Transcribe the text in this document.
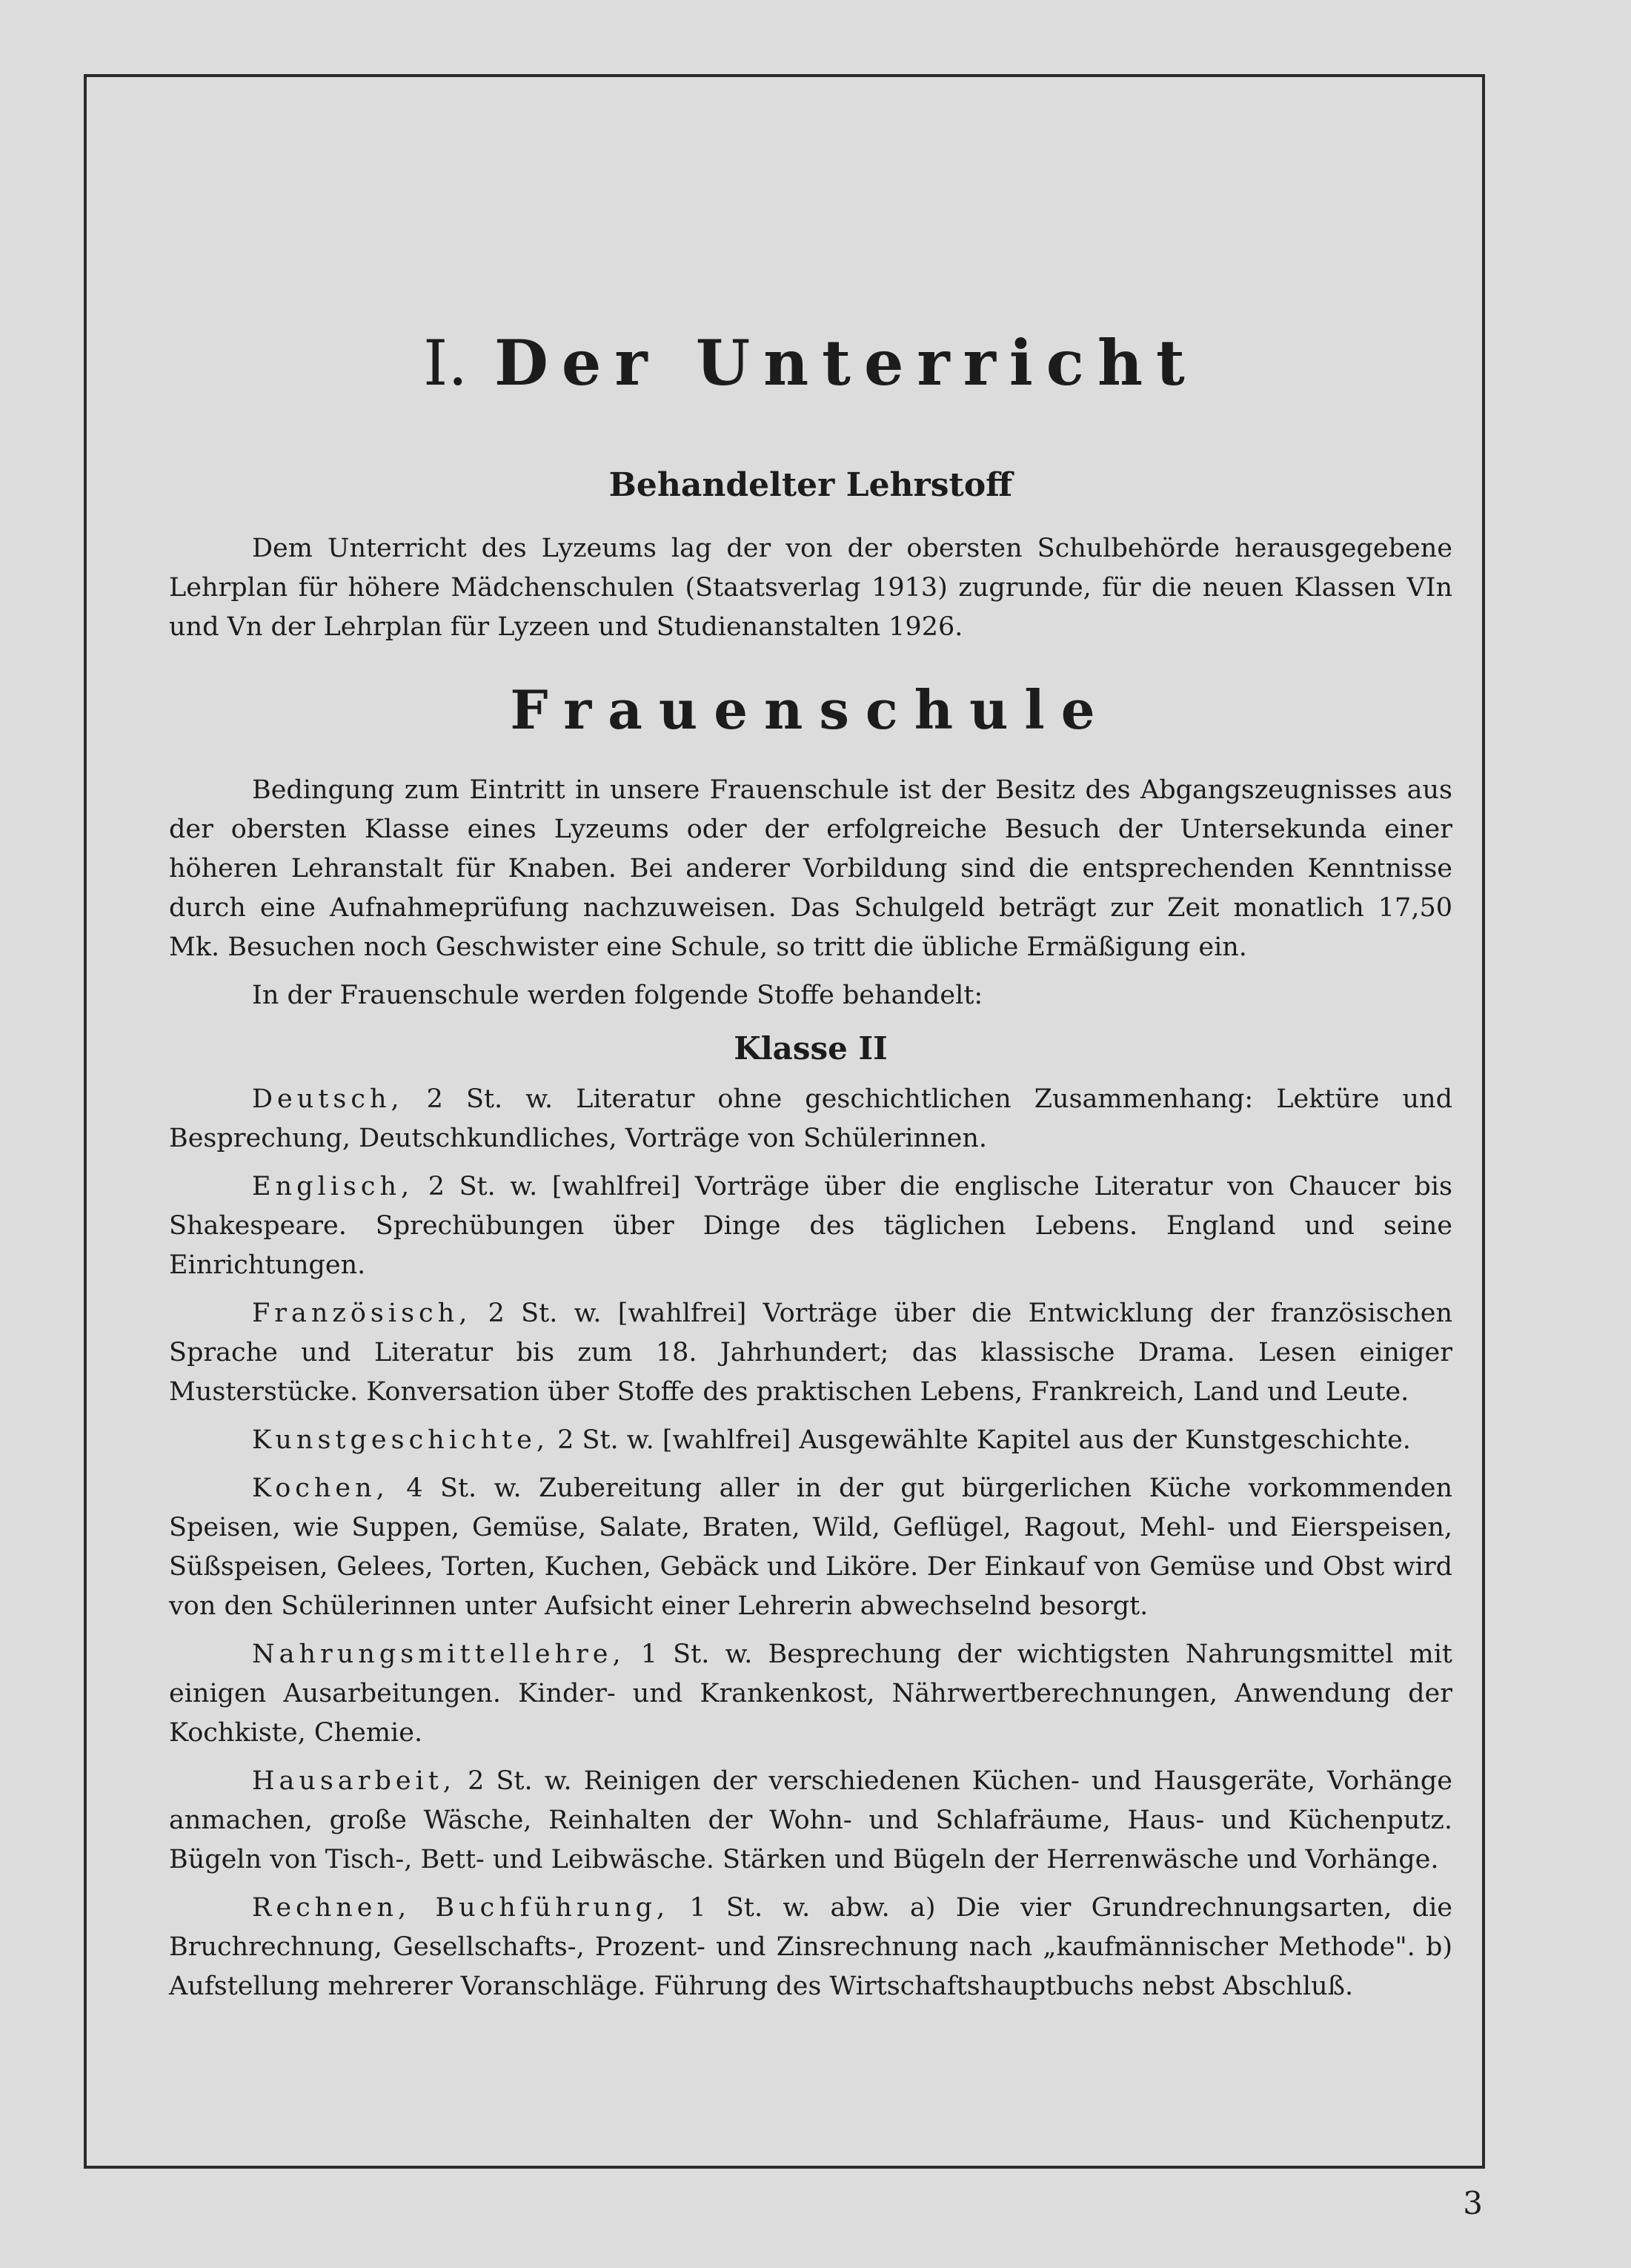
I. Der Unterricht
Behandelter Lehrstoff

Dem Unterricht des Lyzeums lag der von der obersten Schulbehörde herausgegebene Lehrplan für höhere Mädchenschulen (Staatsverlag 1913) zugrunde, für die neuen Klassen VIn und Vn der Lehrplan für Lyzeen und Studienanstalten 1926.

Frauenschule

Bedingung zum Eintritt in unsere Frauenschule ist der Besitz des Abgangszeugnisses aus der obersten Klasse eines Lyzeums oder der erfolgreiche Besuch der Untersekunda einer höheren Lehranstalt für Knaben. Bei anderer Vorbildung sind die entsprechenden Kenntnisse durch eine Aufnahmeprüfung nachzuweisen. Das Schulgeld beträgt zur Zeit monatlich 17,50 Mk. Besuchen noch Geschwister eine Schule, so tritt die übliche Ermäßigung ein.

In der Frauenschule werden folgende Stoffe behandelt:

Klasse II

Deutsch, 2 St. w. Literatur ohne geschichtlichen Zusammenhang: Lektüre und Besprechung, Deutschkundliches, Vorträge von Schülerinnen.

Englisch, 2 St. w. [wahlfrei] Vorträge über die englische Literatur von Chaucer bis Shakespeare. Sprechübungen über Dinge des täglichen Lebens. England und seine Einrichtungen.

Französisch, 2 St. w. [wahlfrei] Vorträge über die Entwicklung der französischen Sprache und Literatur bis zum 18. Jahrhundert; das klassische Drama. Lesen einiger Musterstücke. Konversation über Stoffe des praktischen Lebens, Frankreich, Land und Leute.

Kunstgeschichte, 2 St. w. [wahlfrei] Ausgewählte Kapitel aus der Kunstgeschichte.

Kochen, 4 St. w. Zubereitung aller in der gut bürgerlichen Küche vorkommenden Speisen, wie Suppen, Gemüse, Salate, Braten, Wild, Geflügel, Ragout, Mehl- und Eierspeisen, Süßspeisen, Gelees, Torten, Kuchen, Gebäck und Liköre. Der Einkauf von Gemüse und Obst wird von den Schülerinnen unter Aufsicht einer Lehrerin abwechselnd besorgt.

Nahrungsmittellehre, 1 St. w. Besprechung der wichtigsten Nahrungsmittel mit einigen Ausarbeitungen. Kinder- und Krankenkost, Nährwertberechnungen, Anwendung der Kochkiste, Chemie.

Hausarbeit, 2 St. w. Reinigen der verschiedenen Küchen- und Hausgeräte, Vorhänge anmachen, große Wäsche, Reinhalten der Wohn- und Schlafräume, Haus- und Küchenputz. Bügeln von Tisch-, Bett- und Leibwäsche. Stärken und Bügeln der Herrenwäsche und Vorhänge.

Rechnen, Buchführung, 1 St. w. abw. a) Die vier Grundrechnungsarten, die Bruchrechnung, Gesellschafts-, Prozent- und Zinsrechnung nach „kaufmännischer Methode". b) Aufstellung mehrerer Voranschläge. Führung des Wirtschaftshauptbuchs nebst Abschluß.

3
